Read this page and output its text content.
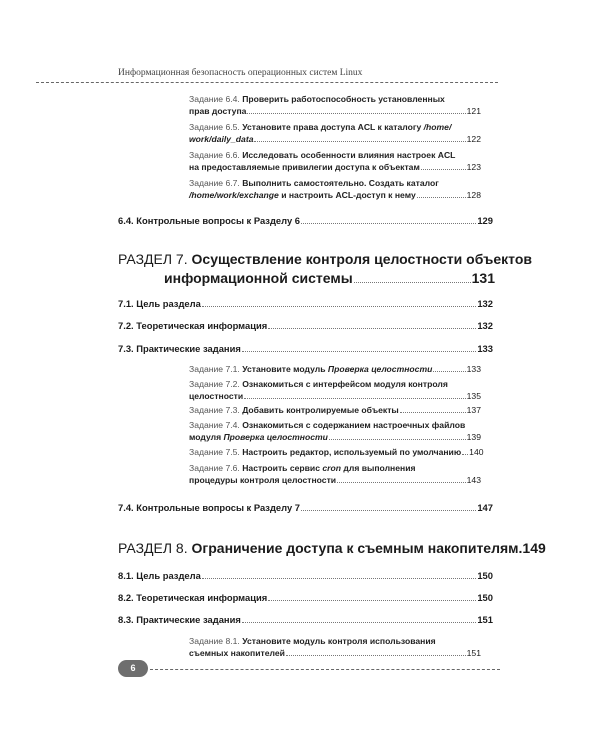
Информационная безопасность операционных систем Linux
Задание 6.4.
Проверить работоспособность установленных
прав доступа	121
Задание 6.5.
Установите права доступа ACL к каталогу
/home/
work/daily_data	122
Задание 6.6.
Исследовать особенности влияния настроек ACL
на предоставляемые привилегии доступа к объектам	123
Задание 6.7.
Выполнить самостоятельно. Создать каталог
/home/work/exchange
и настроить ACL-доступ к нему	128
6.4. Контрольные вопросы к Разделу 6	129
РАЗДЕЛ 7.
Осуществление контроля целостности объектов
информационной системы	131
7.1. Цель раздела	132
7.2. Теоретическая информация	132
7.3. Практические задания	133
Задание 7.1.
Установите модуль
Проверка целостности	133
Задание 7.2.
Ознакомиться с интерфейсом модуля контроля
целостности	135
Задание 7.3.
Добавить контролируемые объекты	137
Задание 7.4.
Ознакомиться с содержанием настроечных файлов
модуля
Проверка целостности	139
Задание 7.5.
Настроить редактор, используемый по умолчанию 140
Задание 7.6.
Настроить сервис
cron
для выполнения
процедуры контроля целостности	143
7.4. Контрольные вопросы к Разделу 7	147
РАЗДЕЛ 8.
Ограничение доступа к съемным накопителям. 149
8.1. Цель раздела	150
8.2. Теоретическая информация	150
8.3. Практические задания	151
Задание 8.1.
Установите модуль контроля использования
съемных накопителей	151
6
